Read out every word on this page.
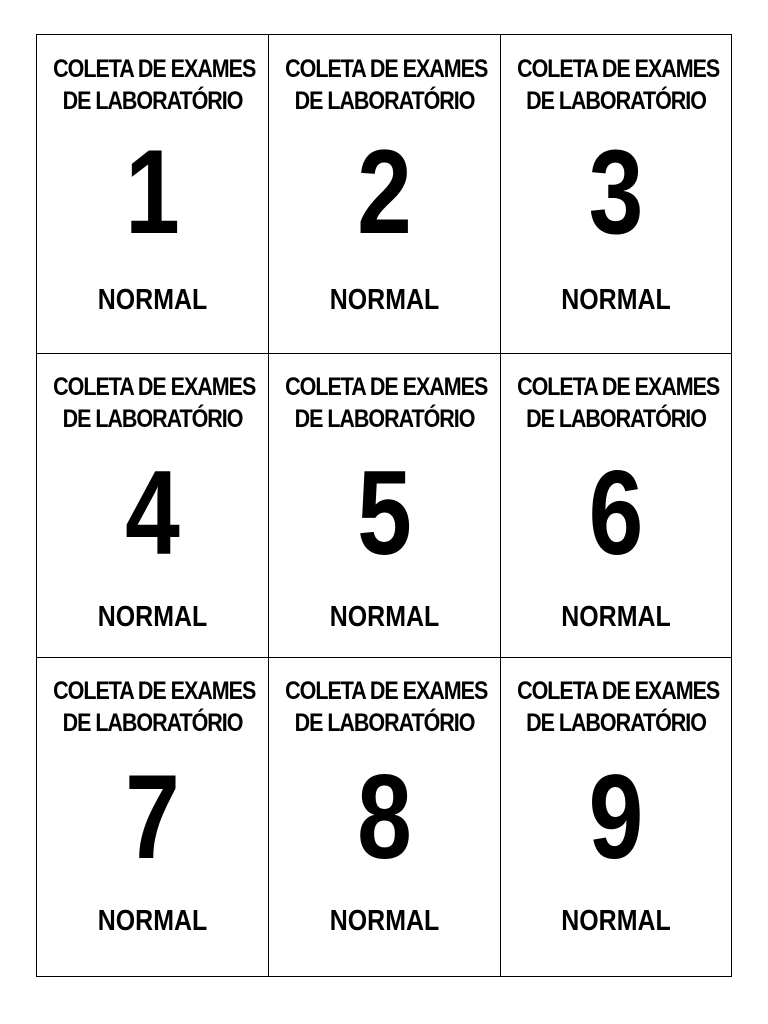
COLETA DE EXAMES
DE LABORATÓRIO
1
NORMAL
COLETA DE EXAMES
DE LABORATÓRIO
2
NORMAL
COLETA DE EXAMES
DE LABORATÓRIO
3
NORMAL
COLETA DE EXAMES
DE LABORATÓRIO
4
NORMAL
COLETA DE EXAMES
DE LABORATÓRIO
5
NORMAL
COLETA DE EXAMES
DE LABORATÓRIO
6
NORMAL
COLETA DE EXAMES
DE LABORATÓRIO
7
NORMAL
COLETA DE EXAMES
DE LABORATÓRIO
8
NORMAL
COLETA DE EXAMES
DE LABORATÓRIO
9
NORMAL
